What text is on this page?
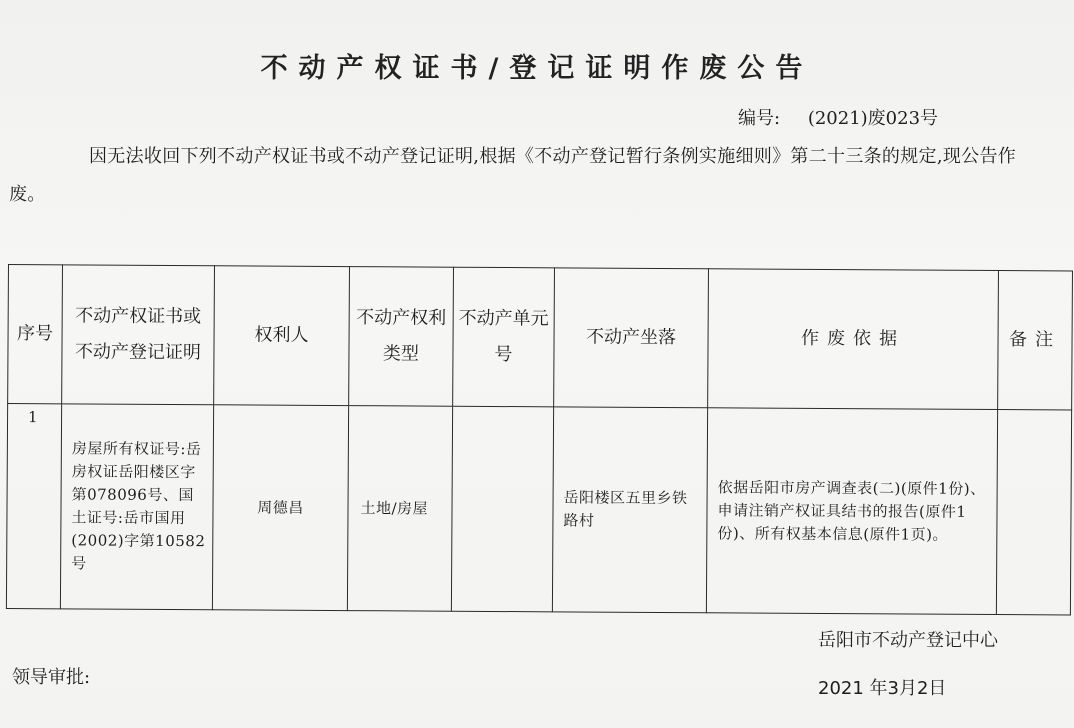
不动产权证书/登记证明作废公告
编号: (2021)废023号
因无法收回下列不动产权证书或不动产登记证明,根据《不动产登记暂行条例实施细则》第二十三条的规定,现公告作废。
序号	不动产权证书或不动产登记证明	权利人	不动产权利类型	不动产单元号	不动产坐落	作废依据	备注
1	房屋所有权证号:岳房权证岳阳楼区字第078096号、国土证号:岳市国用(2002)字第10582号	周德昌	土地/房屋		岳阳楼区五里乡铁路村	依据岳阳市房产调查表(二)(原件1份)、申请注销产权证具结书的报告(原件1份)、所有权基本信息(原件1页)。	
岳阳市不动产登记中心
领导审批:
2021 年3月2日
